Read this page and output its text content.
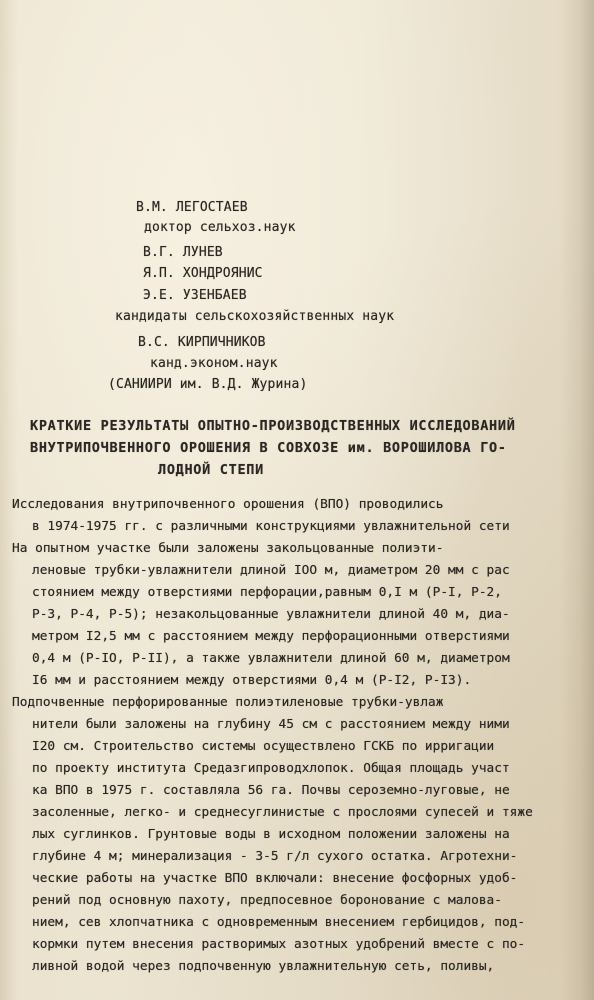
В.М. ЛЕГОСТАЕВ
доктор сельхоз.наук
В.Г. ЛУНЕВ
Я.П. ХОНДРОЯНИС
Э.Е. УЗЕНБАЕВ
кандидаты сельскохозяйственных наук
В.С. КИРПИЧНИКОВ
канд.эконом.наук
(САНИИРИ им. В.Д. Журина)
КРАТКИЕ РЕЗУЛЬТАТЫ ОПЫТНО-ПРОИЗВОДСТВЕННЫХ ИССЛЕДОВАНИЙ
ВНУТРИПОЧВЕННОГО ОРОШЕНИЯ В СОВХОЗЕ им. ВОРОШИЛОВА ГО-
ЛОДНОЙ СТЕПИ
Исследования внутрипочвенного орошения (ВПО) проводились
в 1974-1975 гг. с различными конструкциями увлажнительной сети
На опытном участке были заложены закольцованные полиэти-
леновые трубки-увлажнители длиной IOO м, диаметром 20 мм с рас
стоянием между отверстиями перфорации,равным 0,I м (Р-I, Р-2,
Р-3, Р-4, Р-5); незакольцованные увлажнители длиной 40 м, диа-
метром I2,5 мм с расстоянием между перфорационными отверстиями
0,4 м (Р-IO, Р-II), а также увлажнители длиной 60 м, диаметром
I6 мм и расстоянием между отверстиями 0,4 м (Р-I2, Р-I3).
Подпочвенные перфорированные полиэтиленовые трубки-увлаж
нители были заложены на глубину 45 см с расстоянием между ними
I20 см. Строительство системы осуществлено ГСКБ по ирригации
по проекту института Средазгипроводхлопок. Общая площадь участ
ка ВПО в 1975 г. составляла 56 га. Почвы сероземно-луговые, не
засоленные, легко- и среднесуглинистые с прослоями супесей и тяже
лых суглинков. Грунтовые воды в исходном положении заложены на
глубине 4 м; минерализация - 3-5 г/л сухого остатка. Агротехни-
ческие работы на участке ВПО включали: внесение фосфорных удоб-
рений под основную пахоту, предпосевное боронование с малова-
нием, сев хлопчатника с одновременным внесением гербицидов, под-
кормки путем внесения растворимых азотных удобрений вместе с по-
ливной водой через подпочвенную увлажнительную сеть, поливы,
